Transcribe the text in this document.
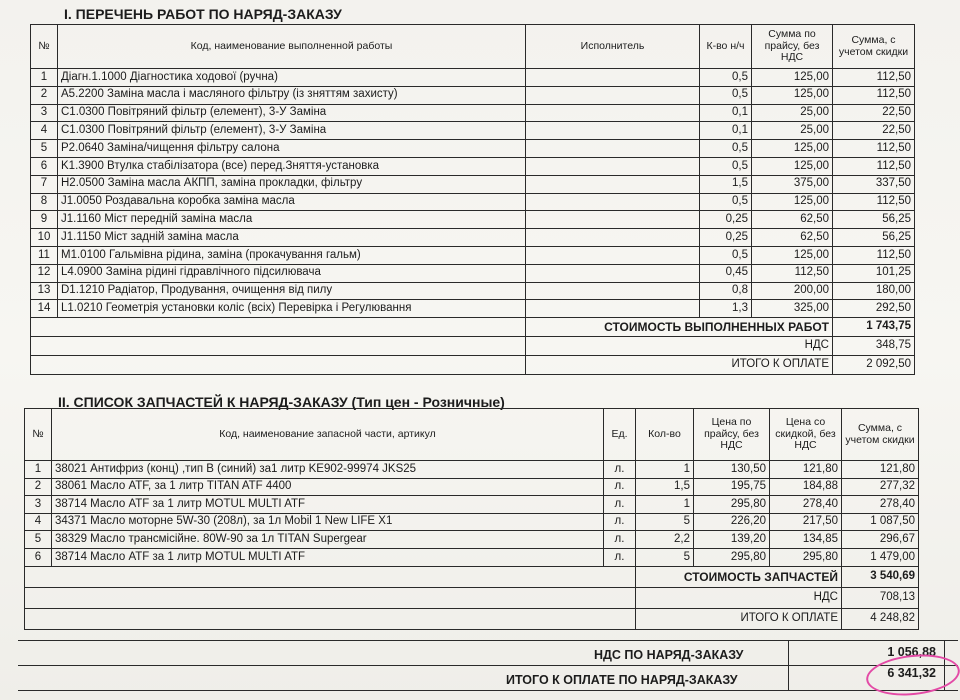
I. ПЕРЕЧЕНЬ РАБОТ ПО НАРЯД-ЗАКАЗУ
№	Код, наименование выполненной работы	Исполнитель	К-во н/ч	Сумма по прайсу, без НДС	Сумма, с учетом скидки
1	Діагн.1.1000 Діагностика ходової (ручна)		0,5	125,00	112,50
2	A5.2200 Заміна масла і масляного фільтру (із зняттям захисту)		0,5	125,00	112,50
3	C1.0300 Повітряний фільтр (елемент), 3-У Заміна		0,1	25,00	22,50
4	C1.0300 Повітряний фільтр (елемент), 3-У Заміна		0,1	25,00	22,50
5	P2.0640 Заміна/чищення фільтру салона		0,5	125,00	112,50
6	K1.3900 Втулка стабілізатора (все) перед.Зняття-установка		0,5	125,00	112,50
7	H2.0500 Заміна масла АКПП, заміна прокладки, фільтру		1,5	375,00	337,50
8	J1.0050 Роздавальна коробка заміна масла		0,5	125,00	112,50
9	J1.1160 Міст передній заміна масла		0,25	62,50	56,25
10	J1.1150 Міст задній заміна масла		0,25	62,50	56,25
11	M1.0100 Гальмівна рідина, заміна (прокачування гальм)		0,5	125,00	112,50
12	L4.0900 Заміна рідині гідравлічного підсилювача		0,45	112,50	101,25
13	D1.1210 Радіатор, Продування, очищення від пилу		0,8	200,00	180,00
14	L1.0210 Геометрія установки коліс (всіх) Перевірка і Регулювання		1,3	325,00	292,50
		СТОИМОСТЬ ВЫПОЛНЕННЫХ РАБОТ			1 743,75
		НДС			348,75
		ИТОГО К ОПЛАТЕ			2 092,50
II. СПИСОК ЗАПЧАСТЕЙ К НАРЯД-ЗАКАЗУ (Тип цен - Розничные)
№	Код, наименование запасной части, артикул	Ед.	Кол-во	Цена по прайсу, без НДС	Цена со скидкой, без НДС	Сумма, с учетом скидки
1	38021 Антифриз (конц) ,тип В (синий) за1 литр KE902-99974 JKS25	л.	1	130,50	121,80	121,80
2	38061 Масло ATF, за 1 литр TITAN ATF 4400	л.	1,5	195,75	184,88	277,32
3	38714 Масло ATF за 1 литр MOTUL MULTI ATF	л.	1	295,80	278,40	278,40
4	34371 Масло моторне 5W-30 (208л), за 1л Mobil 1 New LIFE X1	л.	5	226,20	217,50	1 087,50
5	38329 Масло трансмісійне. 80W-90 за 1л TITAN Supergear	л.	2,2	139,20	134,85	296,67
6	38714 Масло ATF за 1 литр MOTUL MULTI ATF	л.	5	295,80	295,80	1 479,00
			СТОИМОСТЬ ЗАПЧАСТЕЙ			3 540,69
			НДС			708,13
			ИТОГО К ОПЛАТЕ			4 248,82
НДС ПО НАРЯД-ЗАКАЗУ	1 056,88
ИТОГО К ОПЛАТЕ ПО НАРЯД-ЗАКАЗУ	6 341,32
